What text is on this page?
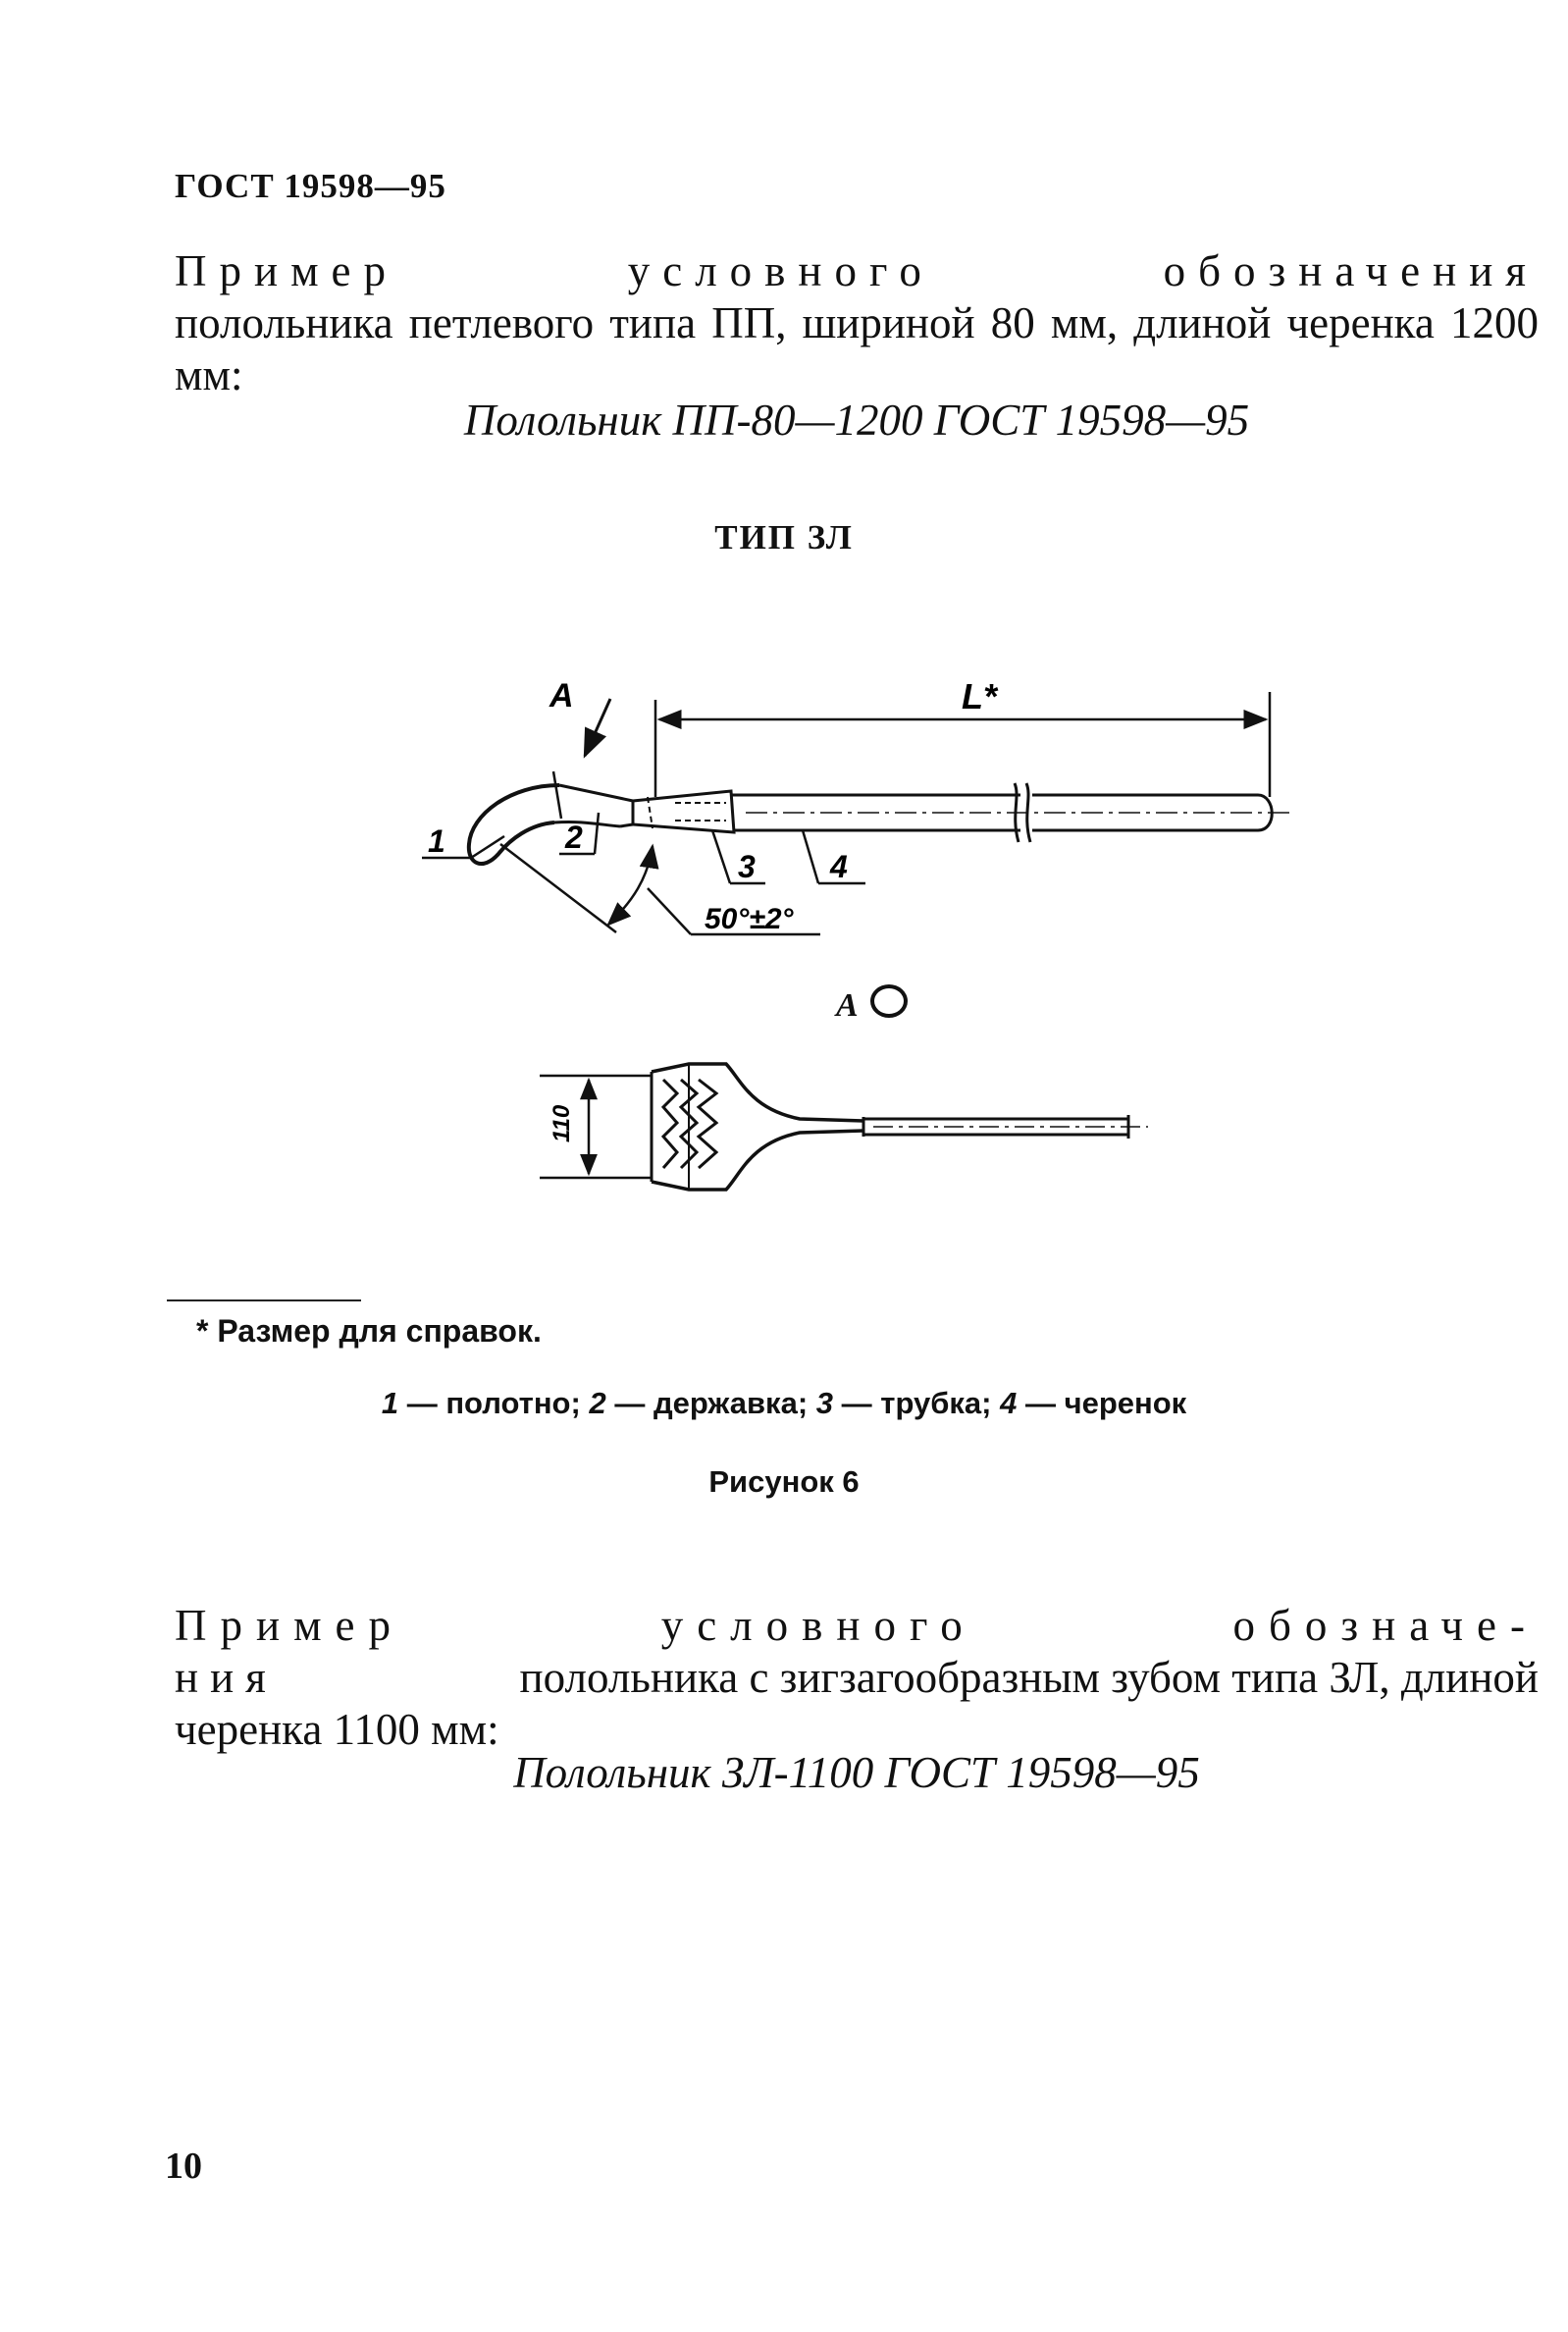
ГОСТ 19598—95
Пример	условного	обозначения
полольника петлевого типа ПП, шириной 80 мм, длиной черенка 1200 мм:
Полольник ПП-80—1200 ГОСТ 19598—95
ТИП ЗЛ
А	L*
1	2
3 4
50°±2°
А
110
* Размер для справок.
1 — полотно; 2 — державка; 3 — трубка; 4 — черенок
Рисунок 6
Пример	условного	обозначе-
ния	полольника с зигзагообразным зубом типа ЗЛ, длиной
черенка 1100 мм:
Полольник ЗЛ-1100 ГОСТ 19598—95
10
